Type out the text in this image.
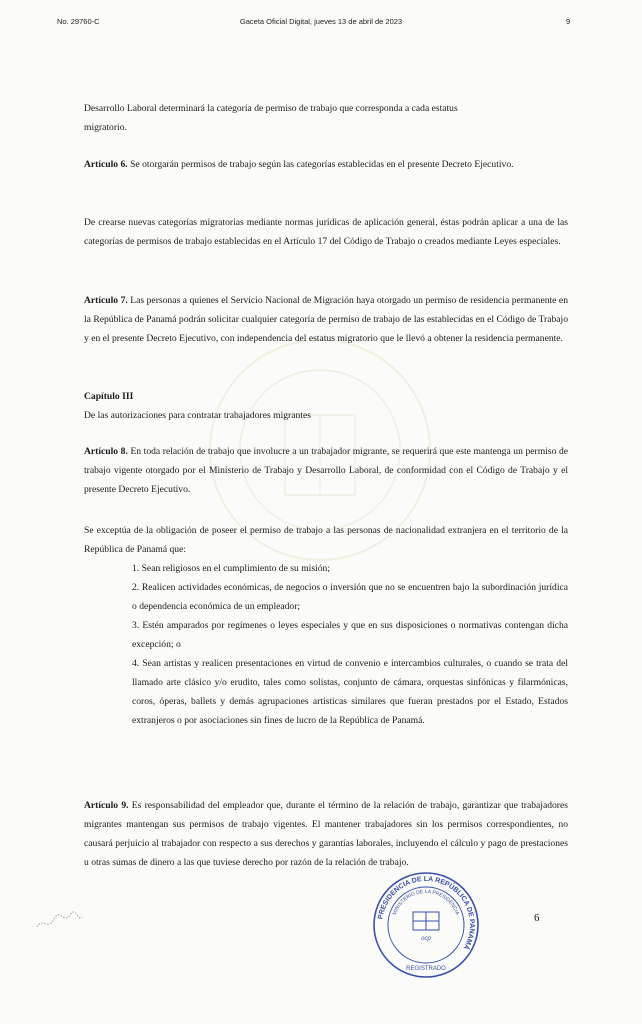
No. 29760-C	Gaceta Oficial Digital, jueves 13 de abril de 2023	9

Desarrollo Laboral determinará la categoría de permiso de trabajo que corresponda a cada estatus

migratorio.

Artículo 6. Se otorgarán permisos de trabajo según las categorías establecidas en el presente Decreto Ejecutivo.

De crearse nuevas categorías migratorias mediante normas jurídicas de aplicación general, éstas podrán aplicar a una de las categorías de permisos de trabajo establecidas en el Artículo 17 del Código de Trabajo o creados mediante Leyes especiales.

Artículo 7. Las personas a quienes el Servicio Nacional de Migración haya otorgado un permiso de residencia permanente en la República de Panamá podrán solicitar cualquier categoría de permiso de trabajo de las establecidas en el Código de Trabajo y en el presente Decreto Ejecutivo, con independencia del estatus migratorio que le llevó a obtener la residencia permanente.

Capítulo III

De las autorizaciones para contratar trabajadores migrantes

Artículo 8. En toda relación de trabajo que involucre a un trabajador migrante, se requerirá que este mantenga un permiso de trabajo vigente otorgado por el Ministerio de Trabajo y Desarrollo Laboral, de conformidad con el Código de Trabajo y el presente Decreto Ejecutivo.

Se exceptúa de la obligación de poseer el permiso de trabajo a las personas de nacionalidad extranjera en el territorio de la República de Panamá que:

1. Sean religiosos en el cumplimiento de su misión;

2. Realicen actividades económicas, de negocios o inversión que no se encuentren bajo la subordinación jurídica o dependencia económica de un empleador;

3. Estén amparados por regímenes o leyes especiales y que en sus disposiciones o normativas contengan dicha excepción; o

4. Sean artistas y realicen presentaciones en virtud de convenio e intercambios culturales, o cuando se trata del llamado arte clásico y/o erudito, tales como solistas, conjunto de cámara, orquestas sinfónicas y filarmónicas, coros, óperas, ballets y demás agrupaciones artísticas similares que fueran prestados por el Estado, Estados extranjeros o por asociaciones sin fines de lucro de la República de Panamá.

Artículo 9. Es responsabilidad del empleador que, durante el término de la relación de trabajo, garantizar que trabajadores migrantes mantengan sus permisos de trabajo vigentes. El mantener trabajadores sin los permisos correspondientes, no causará perjuicio al trabajador con respecto a sus derechos y garantías laborales, incluyendo el cálculo y pago de prestaciones u otras sumas de dinero a las que tuviese derecho por razón de la relación de trabajo.

PRESIDENCIA DE LA REPÚBLICA DE PANAMÁ
MINISTERIO DE LA PRESIDENCIA
ocp
REGISTRADO
6
